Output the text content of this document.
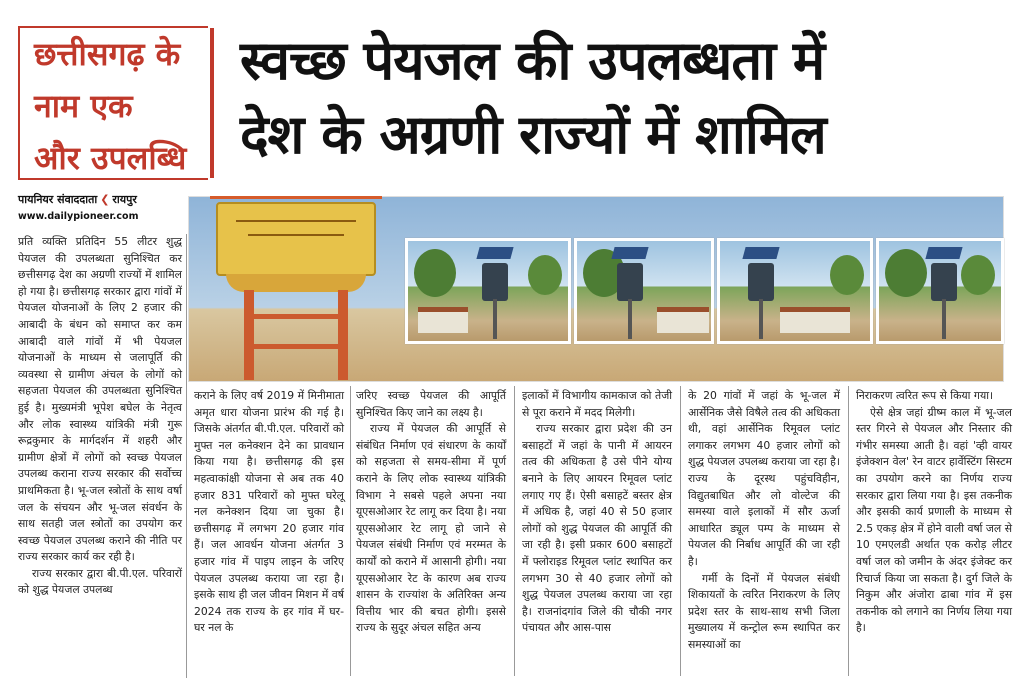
छत्तीसगढ़ के
नाम एक
और उपलब्धि
स्वच्छ पेयजल की उपलब्धता में
देश के अग्रणी राज्यों में शामिल
पायनियर संवाददाता ❮ रायपुर
www.dailypioneer.com

प्रति व्यक्ति प्रतिदिन 55 लीटर शुद्ध पेयजल की उपलब्धता सुनिश्चित कर छत्तीसगढ़ देश का अग्रणी राज्यों में शामिल हो गया है। छत्तीसगढ़ सरकार द्वारा गांवों में पेयजल योजनाओं के लिए 2 हजार की आबादी के बंधन को समाप्त कर कम आबादी वाले गांवों में भी पेयजल योजनाओं के माध्यम से जलापूर्ति की व्यवस्था से ग्रामीण अंचल के लोगों को सहजता पेयजल की उपलब्धता सुनिश्चित हुई है। मुख्यमंत्री भूपेश बघेल के नेतृत्व और लोक स्वास्थ्य यांत्रिकी मंत्री गुरू रूद्रकुमार के मार्गदर्शन में शहरी और ग्रामीण क्षेत्रों में लोगों को स्वच्छ पेयजल उपलब्ध कराना राज्य सरकार की सर्वोच्च प्राथमिकता है। भू-जल स्त्रोतों के साथ वर्षा जल के संचयन और भू-जल संवर्धन के साथ सतही जल स्त्रोतों का उपयोग कर स्वच्छ पेयजल उपलब्ध कराने की नीति पर राज्य सरकार कार्य कर रही है।

राज्य सरकार द्वारा बी.पी.एल. परिवारों को शुद्ध पेयजल उपलब्ध

कराने के लिए वर्ष 2019 में मिनीमाता अमृत धारा योजना प्रारंभ की गई है। जिसके अंतर्गत बी.पी.एल. परिवारों को मुफ्त नल कनेक्शन देने का प्रावधान किया गया है। छत्तीसगढ़ की इस महत्वाकांक्षी योजना से अब तक 40 हजार 831 परिवारों को मुफ्त घरेलू नल कनेक्शन दिया जा चुका है। छत्तीसगढ़ में लगभग 20 हजार गांव हैं। जल आवर्धन योजना अंतर्गत 3 हजार गांव में पाइप लाइन के जरिए पेयजल उपलब्ध कराया जा रहा है। इसके साथ ही जल जीवन मिशन में वर्ष 2024 तक राज्य के हर गांव में घर-घर नल के

जरिए स्वच्छ पेयजल की आपूर्ति सुनिश्चित किए जाने का लक्ष्य है।

राज्य में पेयजल की आपूर्ति से संबंधित निर्माण एवं संधारण के कार्यों को सहजता से समय-सीमा में पूर्ण कराने के लिए लोक स्वास्थ्य यांत्रिकी विभाग ने सबसे पहले अपना नया यूएसओआर रेट लागू कर दिया है। नया यूएसओआर रेट लागू हो जाने से पेयजल संबंधी निर्माण एवं मरम्मत के कार्यों को कराने में आसानी होगी। नया यूएसओआर रेट के कारण अब राज्य शासन के राज्यांश के अतिरिक्त अन्य वित्तीय भार की बचत होगी। इससे राज्य के सुदूर अंचल सहित अन्य

इलाकों में विभागीय कामकाज को तेजी से पूरा कराने में मदद मिलेगी।

राज्य सरकार द्वारा प्रदेश की उन बसाहटों में जहां के पानी में आयरन तत्व की अधिकता है उसे पीने योग्य बनाने के लिए आयरन रिमूवल प्लांट लगाए गए हैं। ऐसी बसाहटें बस्तर क्षेत्र में अधिक है, जहां 40 से 50 हजार लोगों को शुद्ध पेयजल की आपूर्ति की जा रही है। इसी प्रकार 600 बसाहटों में फ्लोराइड रिमूवल प्लांट स्थापित कर लगभग 30 से 40 हजार लोगों को शुद्ध पेयजल उपलब्ध कराया जा रहा है। राजनांदगांव जिले की चौकी नगर पंचायत और आस-पास

के 20 गांवों में जहां के भू-जल में आर्सेनिक जैसे विषैले तत्व की अधिकता थी, वहां आर्सेनिक रिमूवल प्लांट लगाकर लगभग 40 हजार लोगों को शुद्ध पेयजल उपलब्ध कराया जा रहा है। राज्य के दूरस्थ पहुंचविहीन, विद्युतबाधित और लो वोल्टेज की समस्या वाले इलाकों में सौर ऊर्जा आधारित ड्यूल पम्प के माध्यम से पेयजल की निर्बाध आपूर्ति की जा रही है।

गर्मी के दिनों में पेयजल संबंधी शिकायतों के त्वरित निराकरण के लिए प्रदेश स्तर के साथ-साथ सभी जिला मुख्यालय में कन्ट्रोल रूम स्थापित कर समस्याओं का

निराकरण त्वरित रूप से किया गया।

ऐसे क्षेत्र जहां ग्रीष्म काल में भू-जल स्तर गिरने से पेयजल और निस्तार की गंभीर समस्या आती है। वहां 'व्ही वायर इंजेक्शन वेल' रेन वाटर हार्वेस्टिंग सिस्टम का उपयोग करने का निर्णय राज्य सरकार द्वारा लिया गया है। इस तकनीक और इसकी कार्य प्रणाली के माध्यम से 2.5 एकड़ क्षेत्र में होने वाली वर्षा जल से 10 एमएलडी अर्थात एक करोड़ लीटर वर्षा जल को जमीन के अंदर इंजेक्ट कर रिचार्ज किया जा सकता है। दुर्ग जिले के निकुम और अंजोरा ढाबा गांव में इस तकनीक को लगाने का निर्णय लिया गया है।
